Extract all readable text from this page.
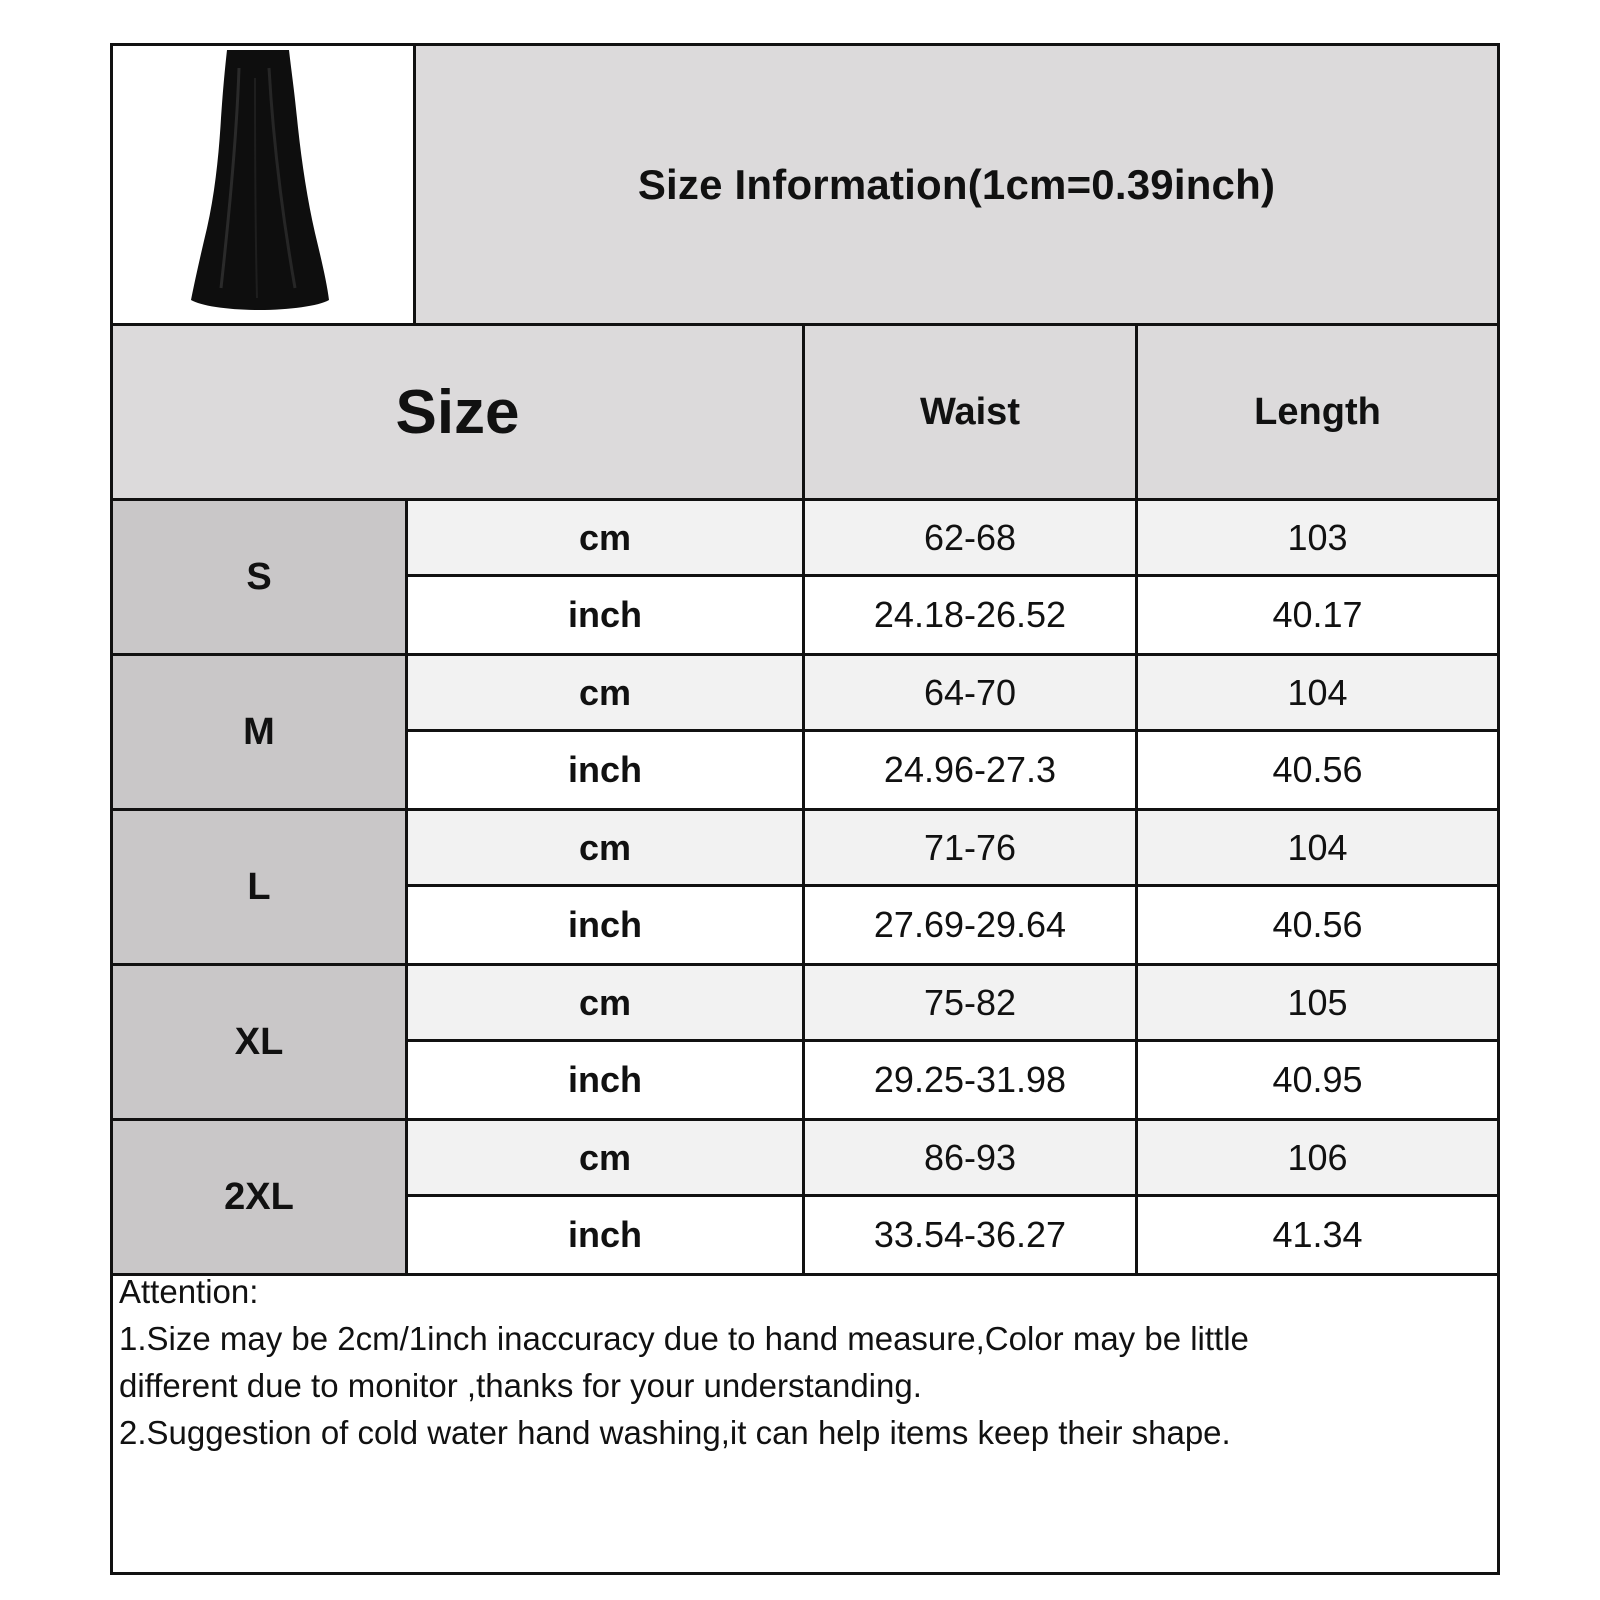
Size Information(1cm=0.39inch)
Size	Waist	Length
S
cm	62-68	103
inch	24.18-26.52	40.17
M
cm	64-70	104
inch	24.96-27.3	40.56
L
cm	71-76	104
inch	27.69-29.64	40.56
XL
cm	75-82	105
inch	29.25-31.98	40.95
2XL
cm	86-93	106
inch	33.54-36.27	41.34
Attention:
1.Size may be 2cm/1inch inaccuracy due to hand measure,Color may be little
different due to monitor ,thanks for your understanding.
2.Suggestion of cold water hand washing,it can help items keep their shape.
